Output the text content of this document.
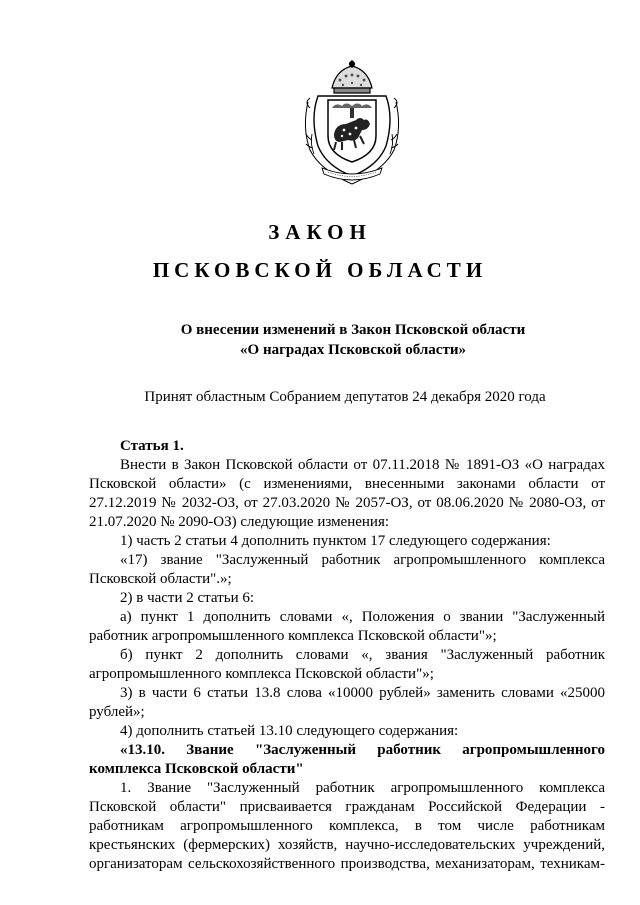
ЗАКОН
ПСКОВСКОЙ ОБЛАСТИ
О внесении изменений в Закон Псковской области
«О наградах Псковской области»
Принят областным Собранием депутатов 24 декабря 2020 года

Статья 1.

Внести в Закон Псковской области от 07.11.2018 № 1891-ОЗ «О наградах Псковской области» (с изменениями, внесенными законами области от 27.12.2019 № 2032-ОЗ, от 27.03.2020 № 2057-ОЗ, от 08.06.2020 № 2080-ОЗ, от 21.07.2020 № 2090-ОЗ) следующие изменения:

1) часть 2 статьи 4 дополнить пунктом 17 следующего содержания:

«17) звание "Заслуженный работник агропромышленного комплекса Псковской области".»;

2) в части 2 статьи 6:

а) пункт 1 дополнить словами «, Положения о звании "Заслуженный работник агропромышленного комплекса Псковской области"»;

б) пункт 2 дополнить словами «, звания "Заслуженный работник агропромышленного комплекса Псковской области"»;

3) в части 6 статьи 13.8 слова «10000 рублей» заменить словами «25000 рублей»;

4) дополнить статьей 13.10 следующего содержания:

«13.10. Звание "Заслуженный работник агропромышленного комплекса Псковской области"

1. Звание "Заслуженный работник агропромышленного комплекса Псковской области" присваивается гражданам Российской Федерации - работникам агропромышленного комплекса, в том числе работникам крестьянских (фермерских) хозяйств, научно-исследовательских учреждений, организаторам сельскохозяйственного производства, механизаторам, техникам-
